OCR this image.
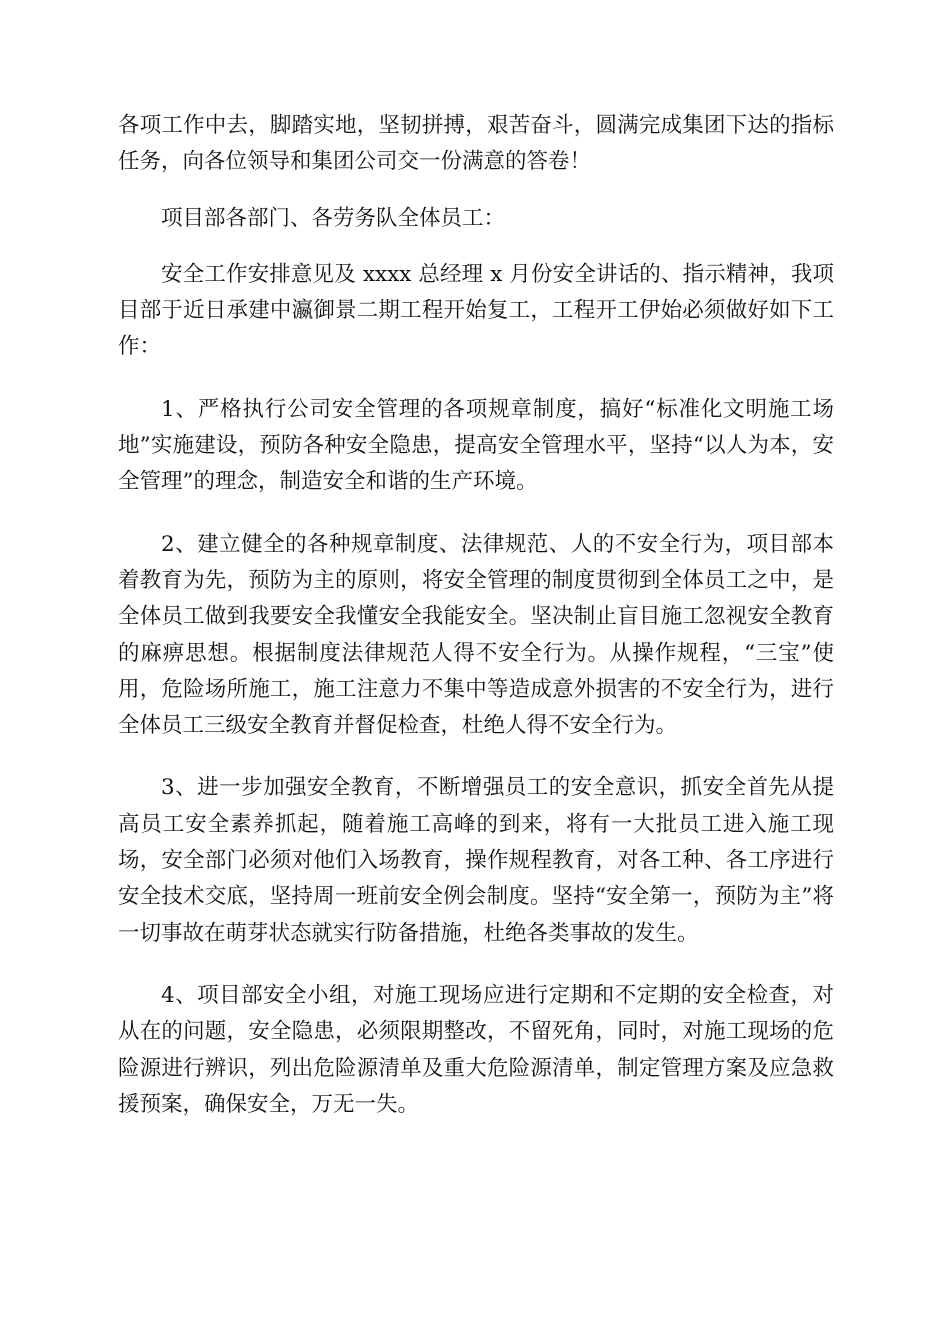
各项工作中去，脚踏实地，坚韧拼搏，艰苦奋斗，圆满完成集团下达的指标任务，向各位领导和集团公司交一份满意的答卷！

项目部各部门、各劳务队全体员工：

安全工作安排意见及 xxxx 总经理 x 月份安全讲话的、指示精神，我项目部于近日承建中瀛御景二期工程开始复工，工程开工伊始必须做好如下工作：

1、严格执行公司安全管理的各项规章制度，搞好“标准化文明施工场地”实施建设，预防各种安全隐患，提高安全管理水平，坚持“以人为本，安全管理”的理念，制造安全和谐的生产环境。

2、建立健全的各种规章制度、法律规范、人的不安全行为，项目部本着教育为先，预防为主的原则，将安全管理的制度贯彻到全体员工之中，是全体员工做到我要安全我懂安全我能安全。坚决制止盲目施工忽视安全教育的麻痹思想。根据制度法律规范人得不安全行为。从操作规程，“三宝”使用，危险场所施工，施工注意力不集中等造成意外损害的不安全行为，进行全体员工三级安全教育并督促检查，杜绝人得不安全行为。

3、进一步加强安全教育，不断增强员工的安全意识，抓安全首先从提高员工安全素养抓起，随着施工高峰的到来，将有一大批员工进入施工现场，安全部门必须对他们入场教育，操作规程教育，对各工种、各工序进行安全技术交底，坚持周一班前安全例会制度。坚持“安全第一，预防为主”将一切事故在萌芽状态就实行防备措施，杜绝各类事故的发生。

4、项目部安全小组，对施工现场应进行定期和不定期的安全检查，对从在的问题，安全隐患，必须限期整改，不留死角，同时，对施工现场的危险源进行辨识，列出危险源清单及重大危险源清单，制定管理方案及应急救援预案，确保安全，万无一失。
